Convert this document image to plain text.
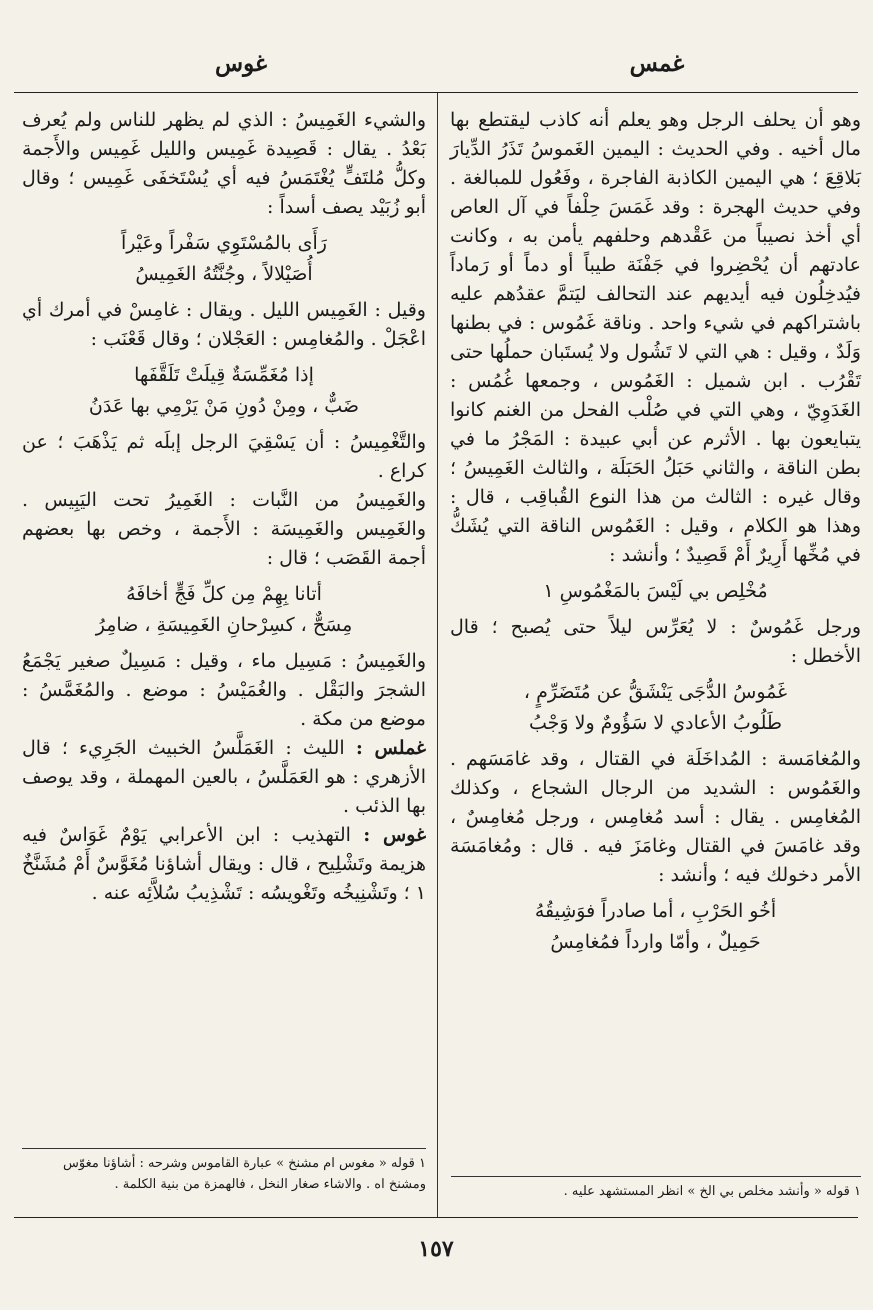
غمس
غوس

وهو أن يحلف الرجل وهو يعلم أنه كاذب ليقتطع بها مال أخيه . وفي الحديث : اليمين الغَموسُ تَذَرُ الدِّيارَ بَلاقِعَ ؛ هي اليمين الكاذبة الفاجرة ، وفَعُول للمبالغة . وفي حديث الهجرة : وقد غَمَسَ حِلْفاً في آل العاص أي أخذ نصيباً من عَقْدهم وحلفهم يأمن به ، وكانت عادتهم أن يُحْضِروا في جَفْنَة طيباً أو دماً أو رَماداً فيُدخِلُون فيه أيديهم عند التحالف ليَتمَّ عقدُهم عليه باشتراكهم في شيء واحد . وناقة غَمُوس : في بطنها وَلَدٌ ، وقيل : هي التي لا تَشُول ولا يُستَبان حملُها حتى تَقْرُب . ابن شميل : الغَمُوس ، وجمعها غُمُس : الغَدَوِيّ ، وهي التي في صُلْب الفحل من الغنم كانوا يتبايعون بها . الأثرم عن أبي عبيدة : المَجْرُ ما في بطن الناقة ، والثاني حَبَلُ الحَبَلَة ، والثالث الغَمِيسُ ؛ وقال غيره : الثالث من هذا النوع القُباقِب ، قال : وهذا هو الكلام ، وقيل : الغَمُوس الناقة التي يُشَكُّ في مُخِّها أَرِيرٌ أَمْ قَصِيدٌ ؛ وأنشد :

مُخْلِص بي لَيْسَ بالمَغْمُوسِ ١

ورجل غَمُوسٌ : لا يُعَرِّس ليلاً حتى يُصبح ؛ قال الأخطل :

غَمُوسُ الدُّجَى يَنْشَقُّ عن مُتَضَرِّمٍ ،

طَلُوبُ الأعادي لا سَؤُومٌ ولا وَجْبُ

والمُغامَسة : المُداخَلَة في القتال ، وقد غامَسَهم . والغَمُوس : الشديد من الرجال الشجاع ، وكذلك المُغامِس . يقال : أسد مُغامِس ، ورجل مُغامِسٌ ، وقد غامَسَ في القتال وغامَزَ فيه . قال : ومُغامَسَة الأمر دخولك فيه ؛ وأنشد :

أخُو الحَرْبِ ، أما صادراً فوَشِيقُهُ

حَمِيلٌ ، وأمّا وارداً فمُغامِسُ

١ قوله « وأنشد مخلص بي الخ » انظر المستشهد عليه .

والشيء الغَمِيسُ : الذي لم يظهر للناس ولم يُعرف بَعْدُ . يقال : قَصِيدة غَمِيس والليل غَمِيس والأَجمة وكلُّ مُلتَفٍّ يُغْتَمَسُ فيه أي يُسْتَخفَى غَمِيس ؛ وقال أبو زُبَيْد يصف أسداً :

رَأَى بالمُسْتَوِي سَفْراً وعَيْراً

أُصَيْلالاً ، وجُنَّتُهُ الغَمِيسُ

وقيل : الغَمِيس الليل . ويقال : غامِسْ في أمرك أي اعْجَلْ . والمُغامِس : العَجْلان ؛ وقال قَعْنَب :

إذا مُغَمِّسَةٌ قِيلَتْ تَلَقَّفَها

ضَبٌّ ، ومِنْ دُونِ مَنْ يَرْمِي بها عَدَنُ

والتَّغْمِيسُ : أن يَسْقِيَ الرجل إبلَه ثم يَذْهَبَ ؛ عن كراع .

والغَمِيسُ من النَّبات : الغَمِيرُ تحت اليَبِيس . والغَمِيس والغَمِيسَة : الأَجمة ، وخص بها بعضهم أجمة القَصَب ؛ قال :

أتانا بِهِمْ مِن كلِّ فَجٍّ أخافَهُ

مِسَحٌّ ، كسِرْحانِ الغَمِيسَةِ ، ضامِرُ

والغَمِيسُ : مَسِيل ماء ، وقيل : مَسِيلٌ صغير يَجْمَعُ الشجرَ والبَقْل . والغُمَيْسُ : موضع . والمُغَمَّسُ : موضع من مكة .

غملس : الليث : الغَمَلَّسُ الخبيث الجَرِيء ؛ قال الأزهري : هو العَمَلَّسُ ، بالعين المهملة ، وقد يوصف بها الذئب .

غوس : التهذيب : ابن الأعرابي يَوْمٌ غَوَاسٌ فيه هزيمة وتَشْلِيح ، قال : ويقال أشاؤنا مُغَوَّسٌ أَمْ مُشَنَّخٌ ١ ؛ وتَشْنِيخُه وتَغْويسُه : تَشْذِيبُ سُلاَّئِه عنه .

١ قوله « مغوس ام مشنخ » عبارة القاموس وشرحه : أشاؤنا مغوّس ومشنخ اه . والاشاء صغار النخل ، فالهمزة من بنية الكلمة .
١٥٧
